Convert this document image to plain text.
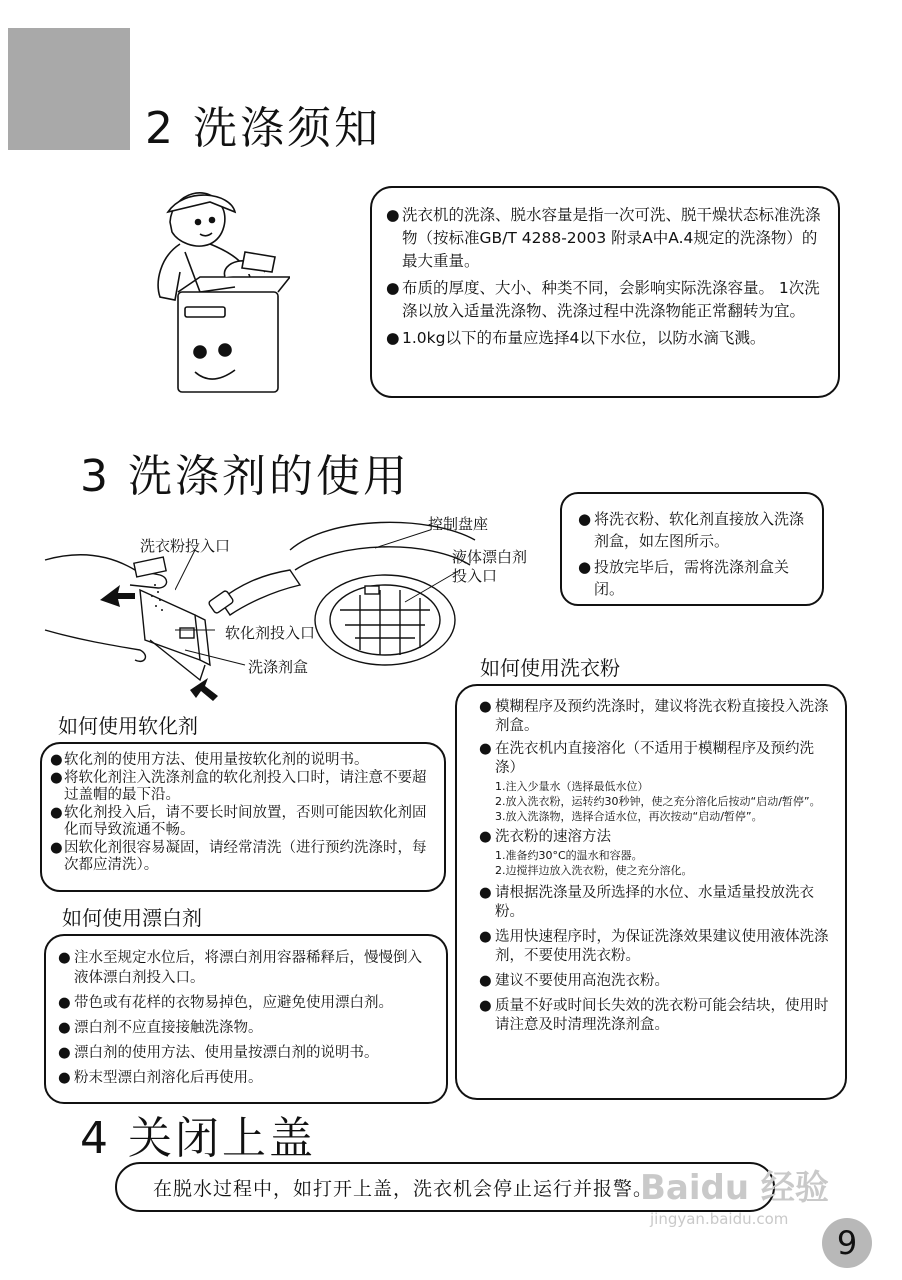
2 洗涤须知

● 洗衣机的洗涤、脱水容量是指一次可洗、脱干燥状态标准洗涤物（按标准GB/T 4288-2003 附录A中A.4规定的洗涤物）的最大重量。

● 布质的厚度、大小、种类不同，会影响实际洗涤容量。 1次洗涤以放入适量洗涤物、洗涤过程中洗涤物能正常翻转为宜。

● 1.0kg以下的布量应选择4以下水位，以防水滴飞溅。

3 洗涤剂的使用

● 将洗衣粉、软化剂直接放入洗涤剂盒，如左图所示。

● 投放完毕后，需将洗涤剂盒关闭。

洗衣粉投入口
控制盘座
液体漂白剂
投入口
软化剂投入口
洗涤剂盒
如何使用软化剂

● 软化剂的使用方法、使用量按软化剂的说明书。

● 将软化剂注入洗涤剂盒的软化剂投入口时，请注意不要超过盖帽的最下沿。

● 软化剂投入后，请不要长时间放置，否则可能因软化剂固化而导致流通不畅。

● 因软化剂很容易凝固，请经常清洗（进行预约洗涤时，每次都应清洗）。

如何使用漂白剂

● 注水至规定水位后，将漂白剂用容器稀释后，慢慢倒入液体漂白剂投入口。

● 带色或有花样的衣物易掉色，应避免使用漂白剂。

● 漂白剂不应直接接触洗涤物。

● 漂白剂的使用方法、使用量按漂白剂的说明书。

● 粉末型漂白剂溶化后再使用。

如何使用洗衣粉

● 模糊程序及预约洗涤时，建议将洗衣粉直接投入洗涤剂盒。

● 在洗衣机内直接溶化（不适用于模糊程序及预约洗涤）

1.注入少量水（选择最低水位）

2.放入洗衣粉，运转约30秒钟，使之充分溶化后按动“启动/暂停”。

3.放入洗涤物，选择合适水位，再次按动“启动/暂停”。

● 洗衣粉的速溶方法

1.准备约30°C的温水和容器。

2.边搅拌边放入洗衣粉，使之充分溶化。

● 请根据洗涤量及所选择的水位、水量适量投放洗衣粉。

● 选用快速程序时，为保证洗涤效果建议使用液体洗涤剂，不要使用洗衣粉。

● 建议不要使用高泡洗衣粉。

● 质量不好或时间长失效的洗衣粉可能会结块，使用时请注意及时清理洗涤剂盒。

4 关闭上盖
在脱水过程中，如打开上盖，洗衣机会停止运行并报警。
Baidu 经验
jingyan.baidu.com
9
